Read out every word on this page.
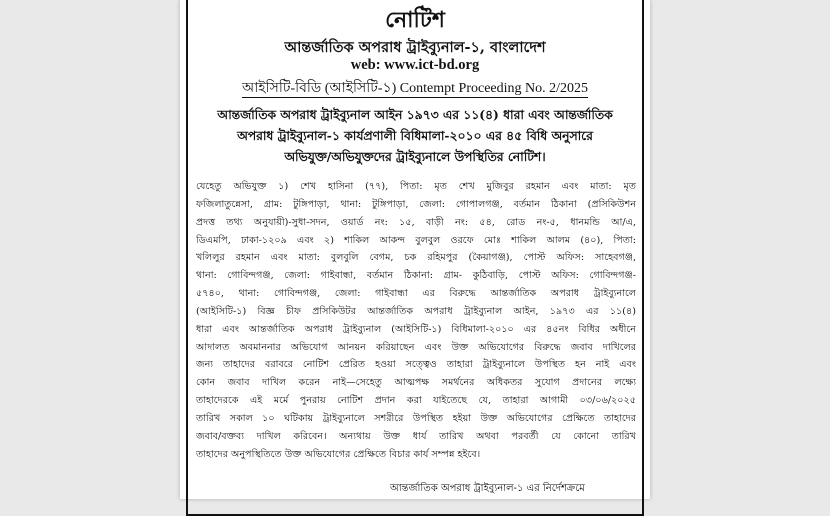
নোটিশ
আন্তর্জাতিক অপরাধ ট্রাইব্যুনাল-১, বাংলাদেশ
web: www.ict-bd.org
আইসিটি-বিডি (আইসিটি-১) Contempt Proceeding No. 2/2025
আন্তর্জাতিক অপরাধ ট্রাইব্যুনাল আইন ১৯৭৩ এর ১১(৪) ধারা এবং আন্তর্জাতিক
অপরাধ ট্রাইব্যুনাল-১ কার্যপ্রণালী বিধিমালা-২০১০ এর ৪৫ বিধি অনুসারে
অভিযুক্ত/অভিযুক্তদের ট্রাইব্যুনালে উপস্থিতির নোটিশ।
যেহেতু অভিযুক্ত ১) শেখ হাসিনা (৭৭), পিতা: মৃত শেখ মুজিবুর রহমান এবং মাতা: মৃত
ফজিলাতুন্নেসা, গ্রাম: টুঙ্গিপাড়া, থানা: টুঙ্গিপাড়া, জেলা: গোপালগঞ্জ, বর্তমান ঠিকানা (প্রসিকিউশন
প্রদত্ত তথ্য অনুযায়ী)-সুধা-সদন, ওয়ার্ড নং: ১৫, বাড়ী নং: ৫৪, রোড নং-৫, ধানমন্ডি আ/এ,
ডিএমপি, ঢাকা-১২০৯ এবং ২) শাকিল আকন্দ বুলবুল ওরফে মোঃ শাকিল আলম (৪০), পিতা:
খলিলুর রহমান এবং মাতা: বুলবুলি বেগম, চক রহিমপুর (কৈয়াগঞ্জ), পোস্ট অফিস: সাহেবগঞ্জ,
থানা: গোবিন্দগঞ্জ, জেলা: গাইবান্ধা, বর্তমান ঠিকানা: গ্রাম- কুঠিবাড়ি, পোস্ট অফিস: গোবিন্দগঞ্জ-
৫৭৪০, থানা: গোবিন্দগঞ্জ, জেলা: গাইবান্ধা এর বিরুদ্ধে আন্তর্জাতিক অপরাধ ট্রাইব্যুনালে
(আইসিটি-১) বিজ্ঞ চীফ প্রসিকিউটর আন্তর্জাতিক অপরাধ ট্রাইব্যুনাল আইন, ১৯৭৩ এর ১১(৪)
ধারা এবং আন্তর্জাতিক অপরাধ ট্রাইব্যুনাল (আইসিটি-১) বিধিমালা-২০১০ এর ৪৫নং বিধির অধীনে
আদালত অবমাননার অভিযোগ আনয়ন করিয়াছেন এবং উক্ত অভিযোগের বিরুদ্ধে জবাব দাখিলের
জন্য তাহাদের বরাবরে নোটিশ প্রেরিত হওয়া সত্ত্বেও তাহারা ট্রাইব্যুনালে উপস্থিত হন নাই এবং
কোন জবাব দাখিল করেন নাই—সেহেতু আত্মপক্ষ সমর্থনের অধিকতর সুযোগ প্রদানের লক্ষ্যে
তাহাদেরকে এই মর্মে পুনরায় নোটিশ প্রদান করা যাইতেছে যে, তাহারা আগামী ০৩/০৬/২০২৫
তারিখ সকাল ১০ ঘটিকায় ট্রাইব্যুনালে সশরীরে উপস্থিত হইয়া উক্ত অভিযোগের প্রেক্ষিতে তাহাদের
জবাব/বক্তব্য দাখিল করিবেন। অন্যথায় উক্ত ধার্য তারিখ অথবা পরবর্তী যে কোনো তারিখ
তাহাদের অনুপস্থিতিতে উক্ত অভিযোগের প্রেক্ষিতে বিচার কার্য সম্পন্ন হইবে।
আন্তর্জাতিক অপরাধ ট্রাইব্যুনাল-১ এর নির্দেশক্রমে
